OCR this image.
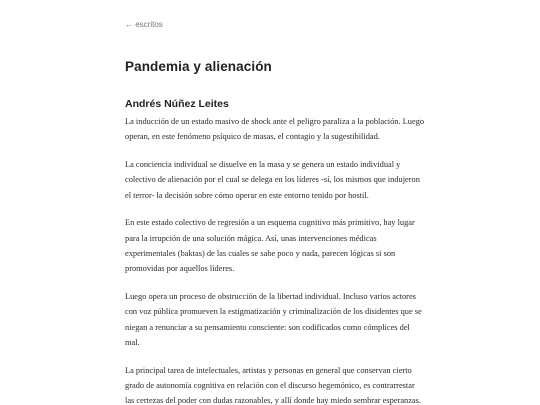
← escritos
Pandemia y alienación
Andrés Núñez Leites

La inducción de un estado masivo de shock ante el peligro paraliza a la población. Luego operan, en este fenómeno psíquico de masas, el contagio y la sugestibilidad.

La conciencia individual se disuelve en la masa y se genera un estado individual y colectivo de alienación por el cual se delega en los líderes -sí, los mismos que indujeron el terror- la decisión sobre cómo operar en este entorno tenido por hostil.

En este estado colectivo de regresión a un esquema cognitivo más primitivo, hay lugar para la irrupción de una solución mágica. Así, unas intervenciones médicas experimentales (baktas) de las cuales se sabe poco y nada, parecen lógicas si son promovidas por aquellos líderes.

Luego opera un proceso de obstrucción de la libertad individual. Incluso varios actores con voz pública promueven la estigmatización y criminalización de los disidentes que se niegan a renunciar a su pensamiento consciente: son codificados como cómplices del mal.

La principal tarea de intelectuales, artistas y personas en general que conservan cierto grado de autonomía cognitiva en relación con el discurso hegemónico, es contrarrestar las certezas del poder con dudas razonables, y allí donde hay miedo sembrar esperanzas.
